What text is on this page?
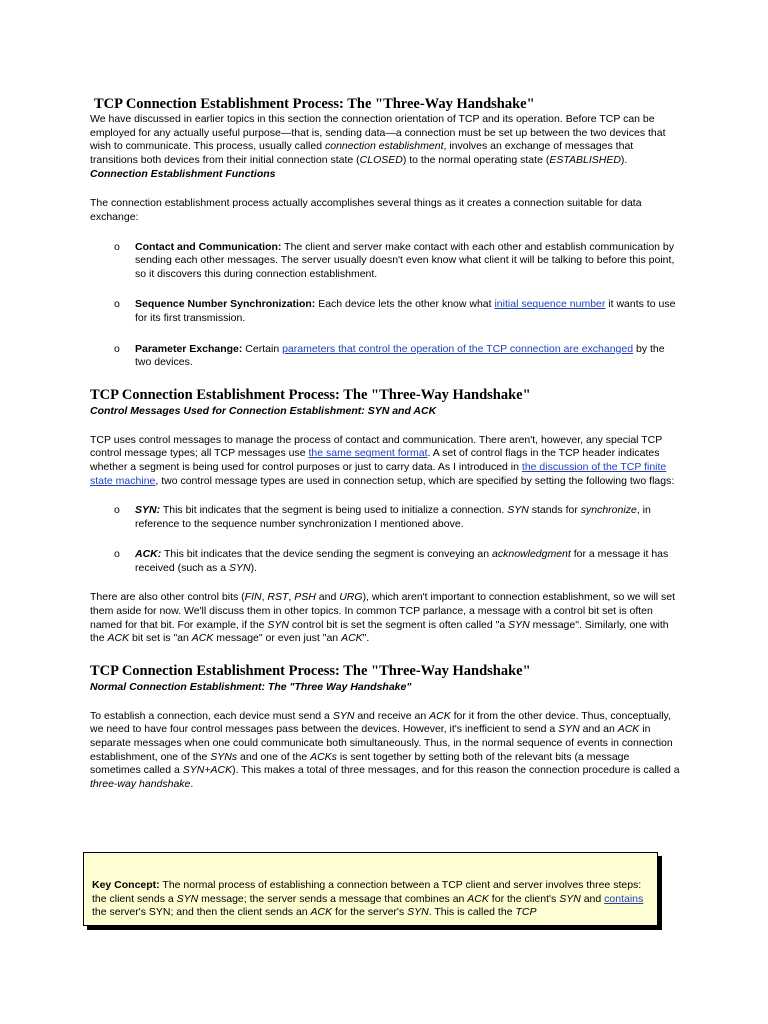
TCP Connection Establishment Process: The "Three-Way Handshake"

We have discussed in earlier topics in this section the connection orientation of TCP and its operation. Before TCP can be employed for any actually useful purpose—that is, sending data—a connection must be set up between the two devices that wish to communicate. This process, usually called connection establishment, involves an exchange of messages that transitions both devices from their initial connection state (CLOSED) to the normal operating state (ESTABLISHED).

Connection Establishment Functions

The connection establishment process actually accomplishes several things as it creates a connection suitable for data exchange:

o Contact and Communication: The client and server make contact with each other and establish communication by sending each other messages. The server usually doesn't even know what client it will be talking to before this point, so it discovers this during connection establishment.
o Sequence Number Synchronization: Each device lets the other know what initial sequence number it wants to use for its first transmission.
o Parameter Exchange: Certain parameters that control the operation of the TCP connection are exchanged by the two devices.
TCP Connection Establishment Process: The "Three-Way Handshake"
Control Messages Used for Connection Establishment: SYN and ACK

TCP uses control messages to manage the process of contact and communication. There aren't, however, any special TCP control message types; all TCP messages use the same segment format. A set of control flags in the TCP header indicates whether a segment is being used for control purposes or just to carry data. As I introduced in the discussion of the TCP finite state machine, two control message types are used in connection setup, which are specified by setting the following two flags:

o SYN: This bit indicates that the segment is being used to initialize a connection. SYN stands for synchronize, in reference to the sequence number synchronization I mentioned above.
o ACK: This bit indicates that the device sending the segment is conveying an acknowledgment for a message it has received (such as a SYN).

There are also other control bits (FIN, RST, PSH and URG), which aren't important to connection establishment, so we will set them aside for now. We'll discuss them in other topics. In common TCP parlance, a message with a control bit set is often named for that bit. For example, if the SYN control bit is set the segment is often called "a SYN message". Similarly, one with the ACK bit set is "an ACK message" or even just "an ACK".

TCP Connection Establishment Process: The "Three-Way Handshake"
Normal Connection Establishment: The "Three Way Handshake"

To establish a connection, each device must send a SYN and receive an ACK for it from the other device. Thus, conceptually, we need to have four control messages pass between the devices. However, it's inefficient to send a SYN and an ACK in separate messages when one could communicate both simultaneously. Thus, in the normal sequence of events in connection establishment, one of the SYNs and one of the ACKs is sent together by setting both of the relevant bits (a message sometimes called a SYN+ACK). This makes a total of three messages, and for this reason the connection procedure is called a three-way handshake.

Key Concept: The normal process of establishing a connection between a TCP client and server involves three steps: the client sends a SYN message; the server sends a message that combines an ACK for the client's SYN and contains the server's SYN; and then the client sends an ACK for the server's SYN. This is called the TCP
